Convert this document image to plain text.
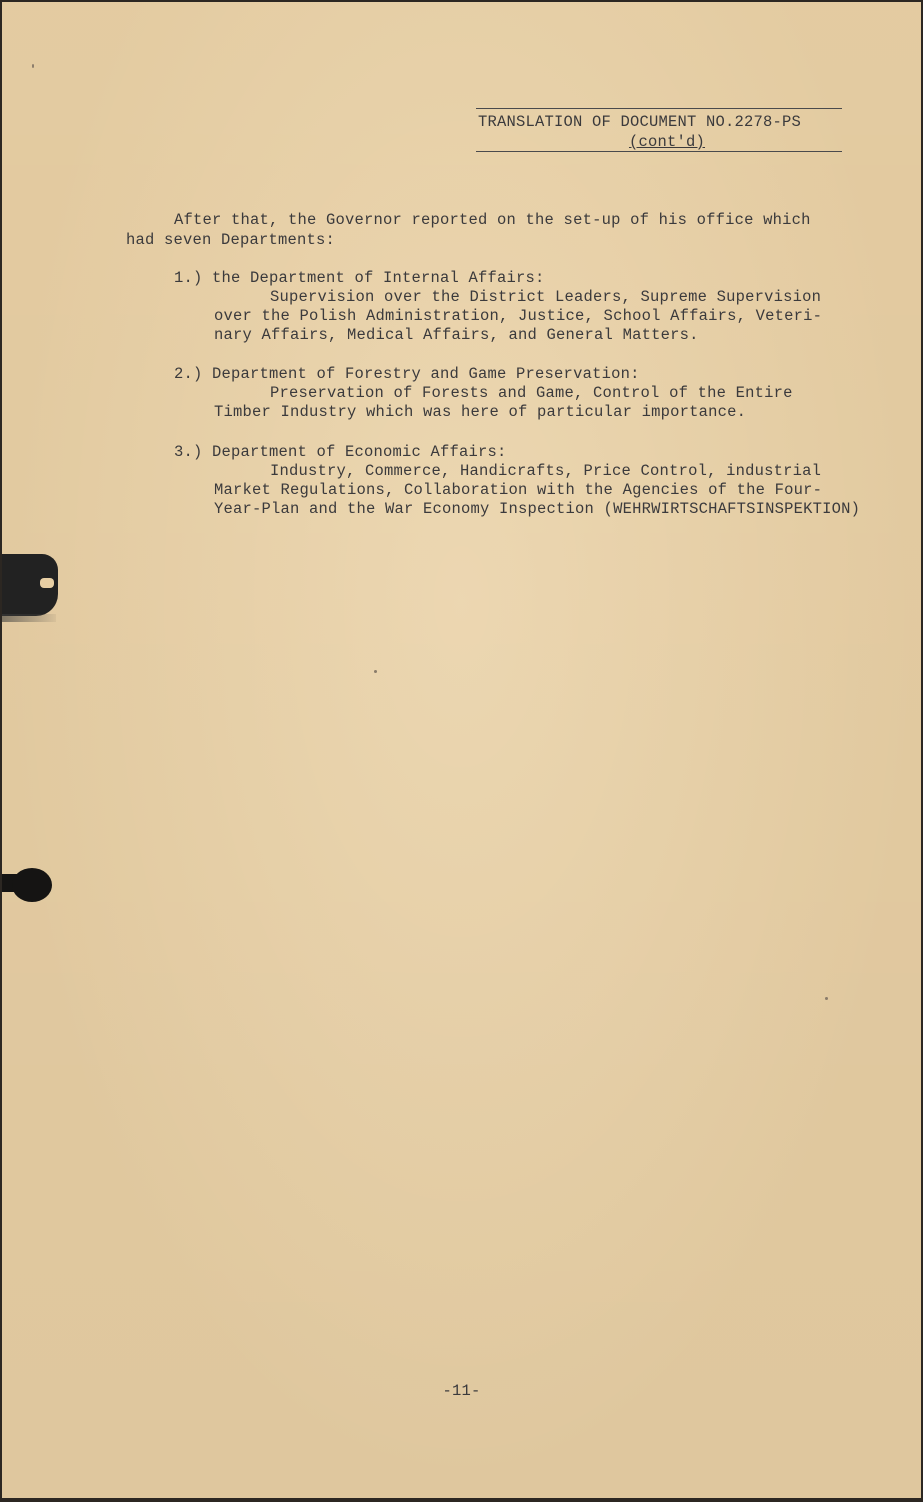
TRANSLATION OF DOCUMENT NO.2278-PS
(cont'd)
After that, the Governor reported on the set-up of his office which
had seven Departments:
1.) the Department of Internal Affairs:
Supervision over the District Leaders, Supreme Supervision
over the Polish Administration, Justice, School Affairs, Veteri-
nary Affairs, Medical Affairs, and General Matters.
2.) Department of Forestry and Game Preservation:
Preservation of Forests and Game, Control of the Entire
Timber Industry which was here of particular importance.
3.) Department of Economic Affairs:
Industry, Commerce, Handicrafts, Price Control, industrial
Market Regulations, Collaboration with the Agencies of the Four-
Year-Plan and the War Economy Inspection (WEHRWIRTSCHAFTSINSPEKTION)
-11-
